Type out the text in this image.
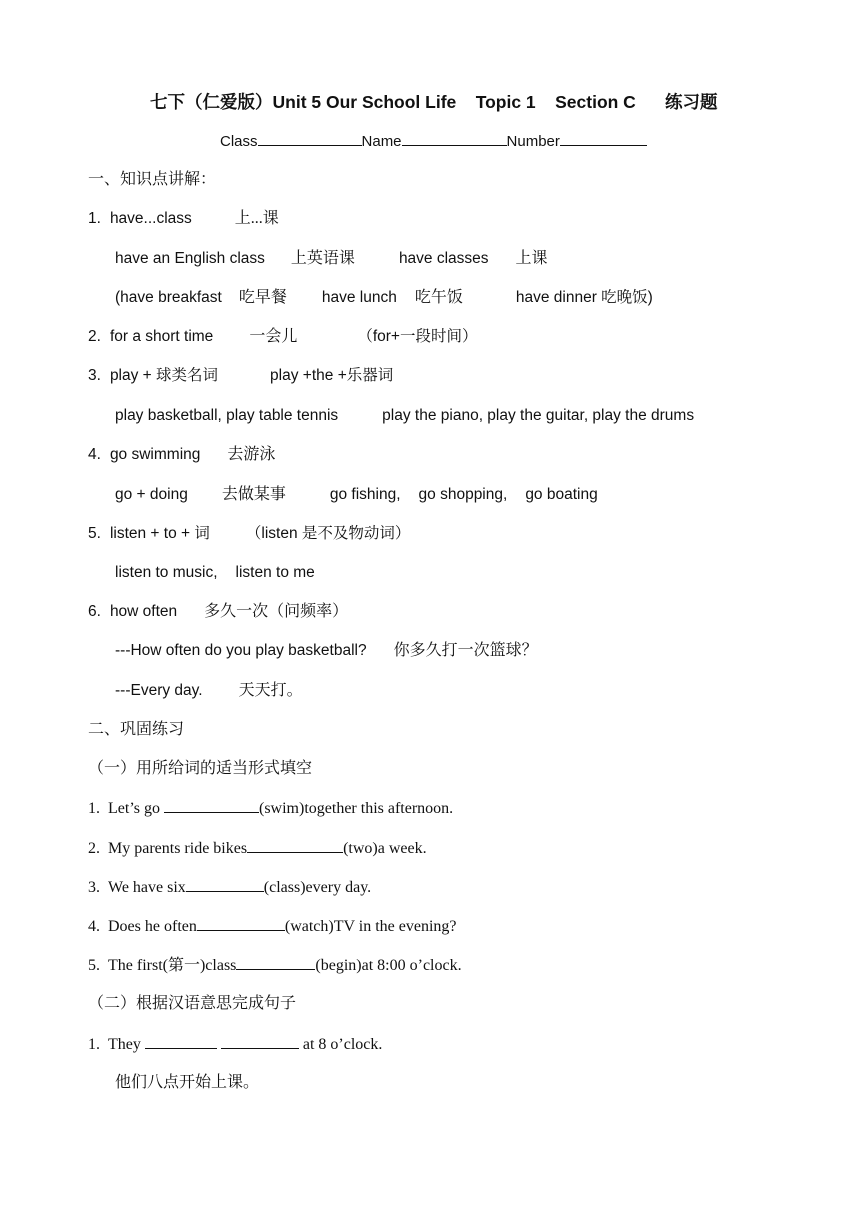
七下（仁爱版）Unit 5 Our School Life    Topic 1    Section C      练习题
Class	Name	Number
一、知识点讲解：
1. have...class	上...课
have an English class 上英语课	have classes 上课
(have breakfast 吃早餐 have lunch 吃午饭	have dinner 吃晚饭)
2. for a short time 一会儿	（for+一段时间）
3. play + 球类名词	play +the +乐器词
play basketball, play table tennis	play the piano, play the guitar, play the drums
4. go swimming 去游泳
go + doing 去做某事	go fishing, go shopping, go boating
5. listen + to + 词 （listen 是不及物动词）
listen to music, listen to me
6. how often 多久一次（问频率）
---How often do you play basketball? 你多久打一次篮球？
---Every day. 天天打。
二、巩固练习
（一）用所给词的适当形式填空
1. Let’s go	(swim)together this afternoon.
2. My parents ride bikes	(two)a week.
3. We have six	(class)every day.
4. Does he often	(watch)TV in the evening?
5. The first(第一)class	(begin)at 8:00 o’clock.
（二）根据汉语意思完成句子
1. They	at 8 o’clock.
他们八点开始上课。
